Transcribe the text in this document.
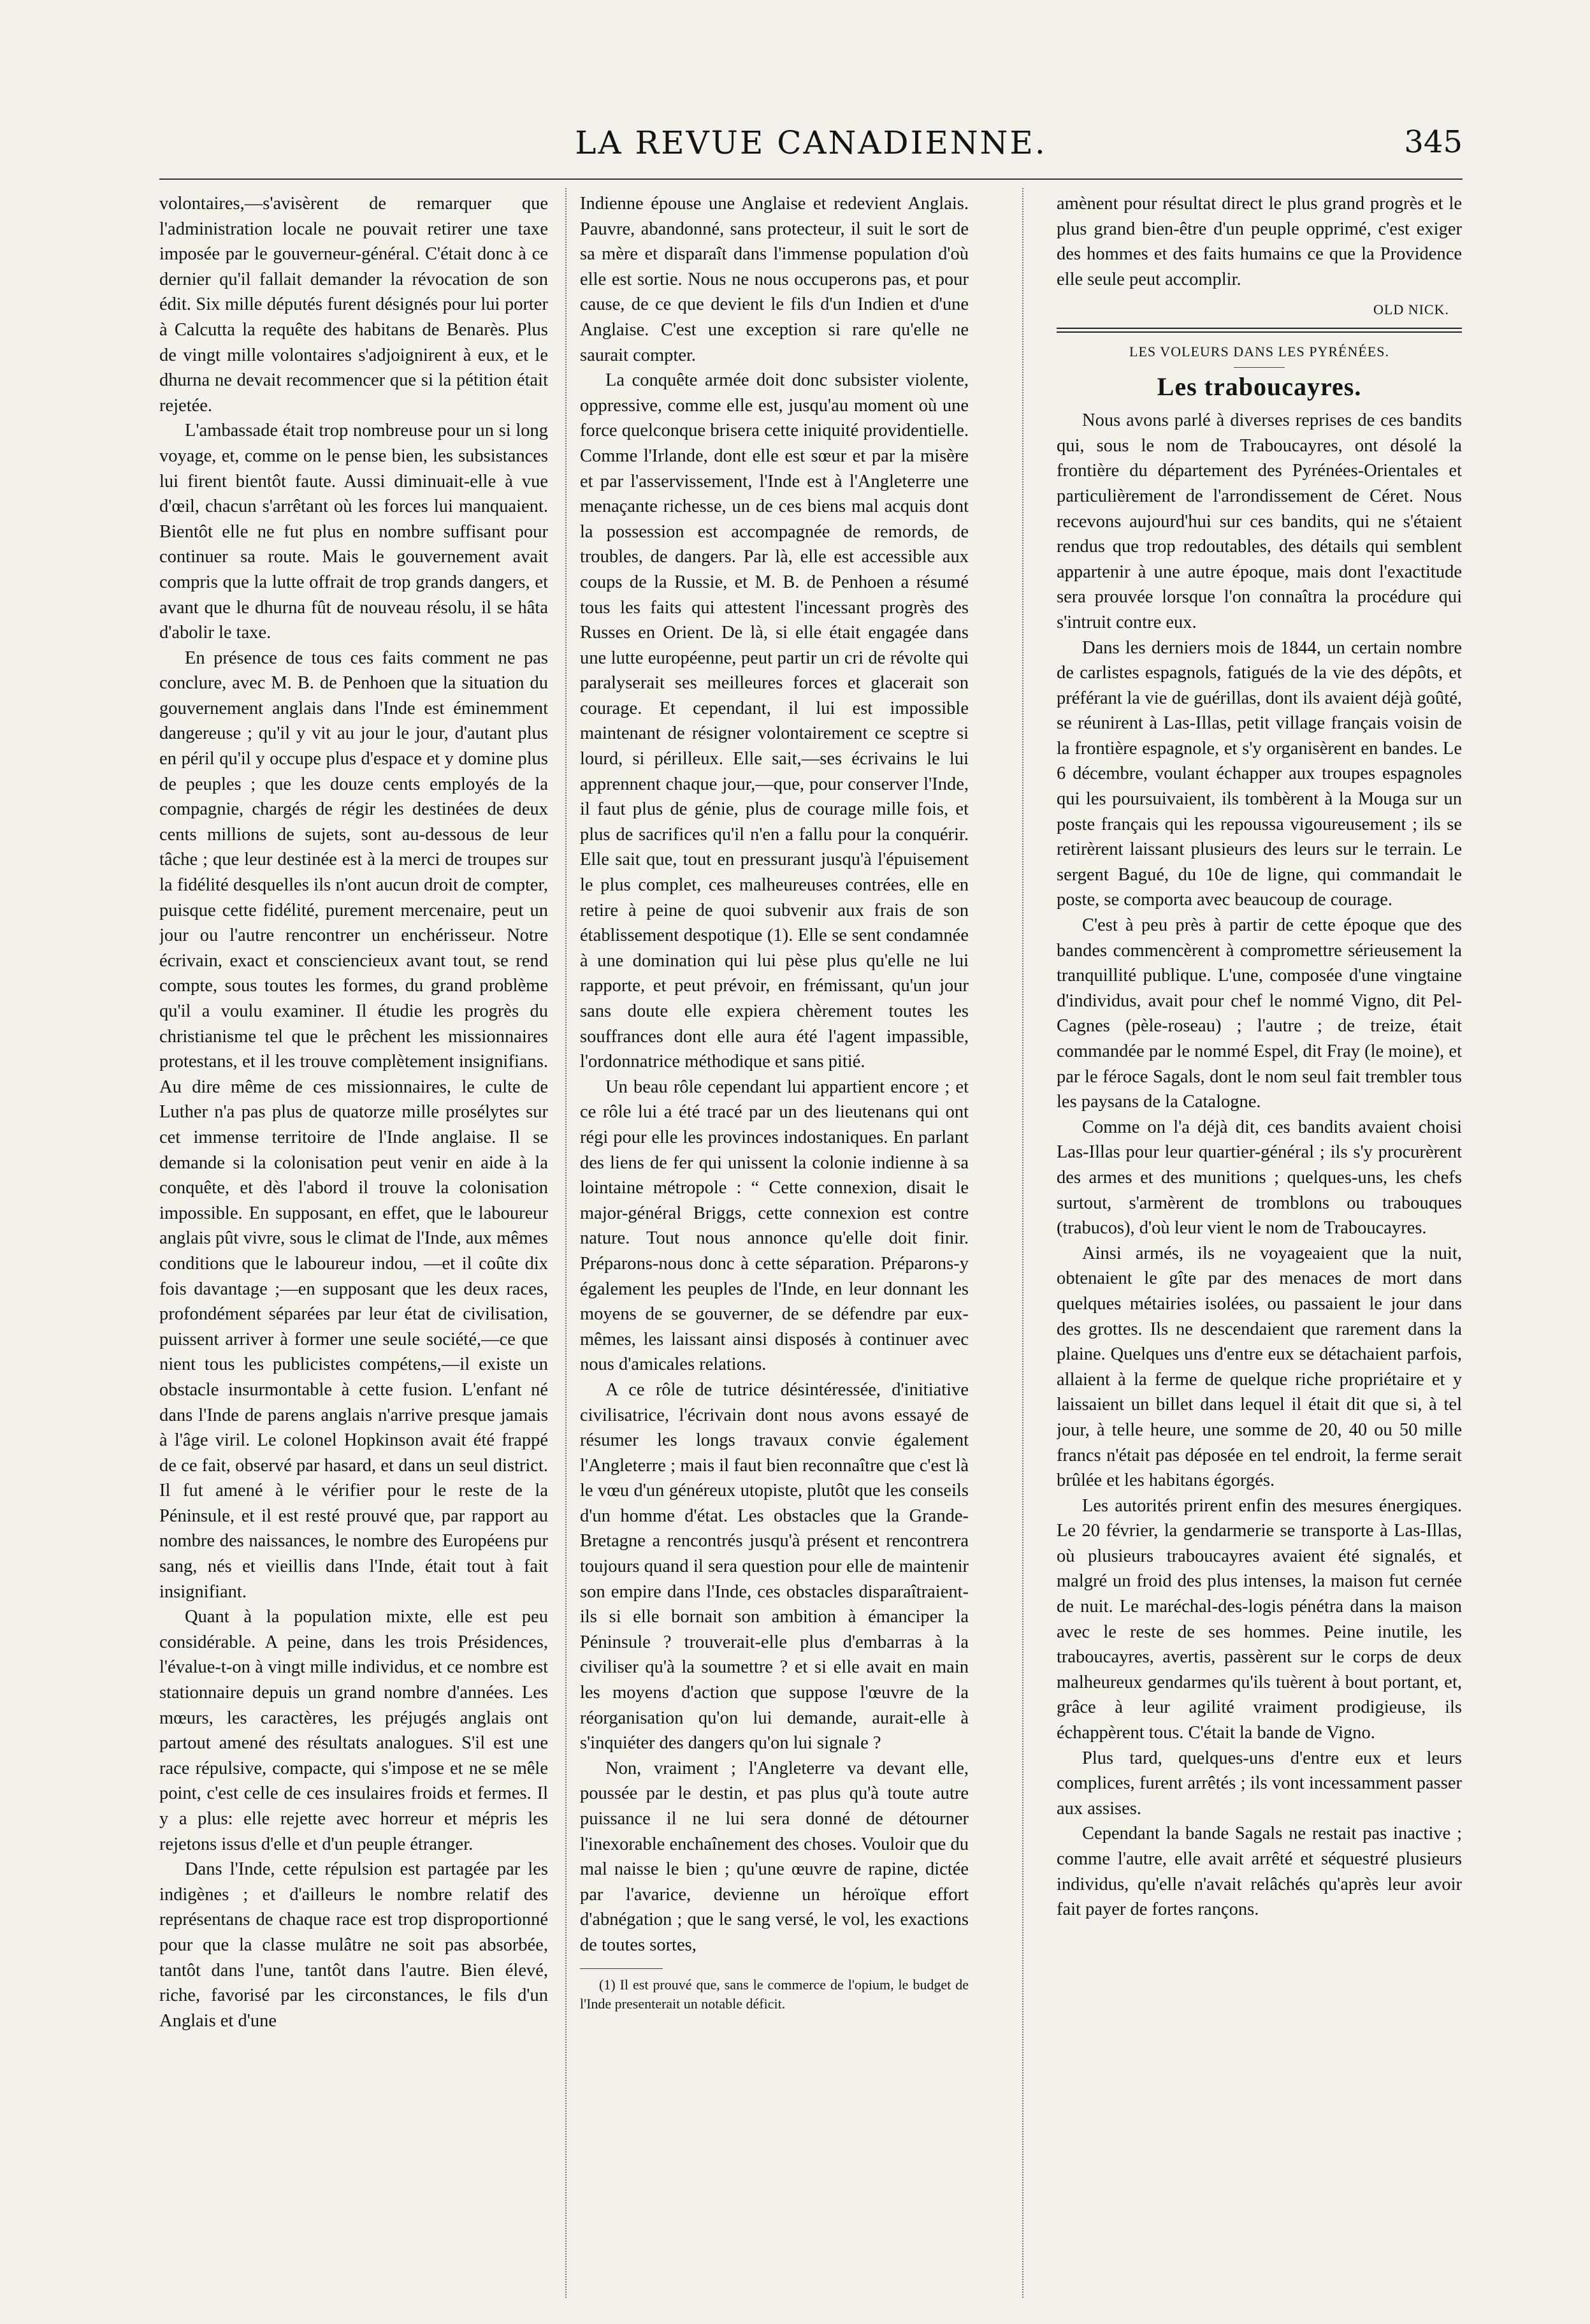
LA REVUE CANADIENNE.	345

volontaires,—s'avisèrent de remarquer que l'administration locale ne pouvait retirer une taxe imposée par le gouverneur-général. C'était donc à ce dernier qu'il fallait demander la révocation de son édit. Six mille députés furent désignés pour lui porter à Calcutta la requête des habitans de Benarès. Plus de vingt mille volontaires s'adjoignirent à eux, et le dhurna ne devait recommencer que si la pétition était rejetée.

L'ambassade était trop nombreuse pour un si long voyage, et, comme on le pense bien, les subsistances lui firent bientôt faute. Aussi diminuait-elle à vue d'œil, chacun s'arrêtant où les forces lui manquaient. Bientôt elle ne fut plus en nombre suffisant pour continuer sa route. Mais le gouvernement avait compris que la lutte offrait de trop grands dangers, et avant que le dhurna fût de nouveau résolu, il se hâta d'abolir le taxe.

En présence de tous ces faits comment ne pas conclure, avec M. B. de Penhoen que la situation du gouvernement anglais dans l'Inde est éminemment dangereuse ; qu'il y vit au jour le jour, d'autant plus en péril qu'il y occupe plus d'espace et y domine plus de peuples ; que les douze cents employés de la compagnie, chargés de régir les destinées de deux cents millions de sujets, sont au-dessous de leur tâche ; que leur destinée est à la merci de troupes sur la fidélité desquelles ils n'ont aucun droit de compter, puisque cette fidélité, purement mercenaire, peut un jour ou l'autre rencontrer un enchérisseur. Notre écrivain, exact et consciencieux avant tout, se rend compte, sous toutes les formes, du grand problème qu'il a voulu examiner. Il étudie les progrès du christianisme tel que le prêchent les missionnaires protestans, et il les trouve complètement insignifians. Au dire même de ces missionnaires, le culte de Luther n'a pas plus de quatorze mille prosélytes sur cet immense territoire de l'Inde anglaise. Il se demande si la colonisation peut venir en aide à la conquête, et dès l'abord il trouve la colonisation impossible. En supposant, en effet, que le laboureur anglais pût vivre, sous le climat de l'Inde, aux mêmes conditions que le laboureur indou, —et il coûte dix fois davantage ;—en supposant que les deux races, profondément séparées par leur état de civilisation, puissent arriver à former une seule société,—ce que nient tous les publicistes compétens,—il existe un obstacle insurmontable à cette fusion. L'enfant né dans l'Inde de parens anglais n'arrive presque jamais à l'âge viril. Le colonel Hopkinson avait été frappé de ce fait, observé par hasard, et dans un seul district. Il fut amené à le vérifier pour le reste de la Péninsule, et il est resté prouvé que, par rapport au nombre des naissances, le nombre des Européens pur sang, nés et vieillis dans l'Inde, était tout à fait insignifiant.

Quant à la population mixte, elle est peu considérable. A peine, dans les trois Présidences, l'évalue-t-on à vingt mille individus, et ce nombre est stationnaire depuis un grand nombre d'années. Les mœurs, les caractères, les préjugés anglais ont partout amené des résultats analogues. S'il est une race répulsive, compacte, qui s'impose et ne se mêle point, c'est celle de ces insulaires froids et fermes. Il y a plus: elle rejette avec horreur et mépris les rejetons issus d'elle et d'un peuple étranger.

Dans l'Inde, cette répulsion est partagée par les indigènes ; et d'ailleurs le nombre relatif des représentans de chaque race est trop disproportionné pour que la classe mulâtre ne soit pas absorbée, tantôt dans l'une, tantôt dans l'autre. Bien élevé, riche, favorisé par les circonstances, le fils d'un Anglais et d'une

Indienne épouse une Anglaise et redevient Anglais. Pauvre, abandonné, sans protecteur, il suit le sort de sa mère et disparaît dans l'immense population d'où elle est sortie. Nous ne nous occuperons pas, et pour cause, de ce que devient le fils d'un Indien et d'une Anglaise. C'est une exception si rare qu'elle ne saurait compter.

La conquête armée doit donc subsister violente, oppressive, comme elle est, jusqu'au moment où une force quelconque brisera cette iniquité providentielle. Comme l'Irlande, dont elle est sœur et par la misère et par l'asservissement, l'Inde est à l'Angleterre une menaçante richesse, un de ces biens mal acquis dont la possession est accompagnée de remords, de troubles, de dangers. Par là, elle est accessible aux coups de la Russie, et M. B. de Penhoen a résumé tous les faits qui attestent l'incessant progrès des Russes en Orient. De là, si elle était engagée dans une lutte européenne, peut partir un cri de révolte qui paralyserait ses meilleures forces et glacerait son courage. Et cependant, il lui est impossible maintenant de résigner volontairement ce sceptre si lourd, si périlleux. Elle sait,—ses écrivains le lui apprennent chaque jour,—que, pour conserver l'Inde, il faut plus de génie, plus de courage mille fois, et plus de sacrifices qu'il n'en a fallu pour la conquérir. Elle sait que, tout en pressurant jusqu'à l'épuisement le plus complet, ces malheureuses contrées, elle en retire à peine de quoi subvenir aux frais de son établissement despotique (1). Elle se sent condamnée à une domination qui lui pèse plus qu'elle ne lui rapporte, et peut prévoir, en frémissant, qu'un jour sans doute elle expiera chèrement toutes les souffrances dont elle aura été l'agent impassible, l'ordonnatrice méthodique et sans pitié.

Un beau rôle cependant lui appartient encore ; et ce rôle lui a été tracé par un des lieutenans qui ont régi pour elle les provinces indostaniques. En parlant des liens de fer qui unissent la colonie indienne à sa lointaine métropole : “ Cette connexion, disait le major-général Briggs, cette connexion est contre nature. Tout nous annonce qu'elle doit finir. Préparons-nous donc à cette séparation. Préparons-y également les peuples de l'Inde, en leur donnant les moyens de se gouverner, de se défendre par eux-mêmes, les laissant ainsi disposés à continuer avec nous d'amicales relations.

A ce rôle de tutrice désintéressée, d'initiative civilisatrice, l'écrivain dont nous avons essayé de résumer les longs travaux convie également l'Angleterre ; mais il faut bien reconnaître que c'est là le vœu d'un généreux utopiste, plutôt que les conseils d'un homme d'état. Les obstacles que la Grande-Bretagne a rencontrés jusqu'à présent et rencontrera toujours quand il sera question pour elle de maintenir son empire dans l'Inde, ces obstacles disparaîtraient-ils si elle bornait son ambition à émanciper la Péninsule ? trouverait-elle plus d'embarras à la civiliser qu'à la soumettre ? et si elle avait en main les moyens d'action que suppose l'œuvre de la réorganisation qu'on lui demande, aurait-elle à s'inquiéter des dangers qu'on lui signale ?

Non, vraiment ; l'Angleterre va devant elle, poussée par le destin, et pas plus qu'à toute autre puissance il ne lui sera donné de détourner l'inexorable enchaînement des choses. Vouloir que du mal naisse le bien ; qu'une œuvre de rapine, dictée par l'avarice, devienne un héroïque effort d'abnégation ; que le sang versé, le vol, les exactions de toutes sortes,

(1) Il est prouvé que, sans le commerce de l'opium, le budget de l'Inde presenterait un notable déficit.

amènent pour résultat direct le plus grand progrès et le plus grand bien-être d'un peuple opprimé, c'est exiger des hommes et des faits humains ce que la Providence elle seule peut accomplir.

OLD NICK.
LES VOLEURS DANS LES PYRÉNÉES.
Les traboucayres.

Nous avons parlé à diverses reprises de ces bandits qui, sous le nom de Traboucayres, ont désolé la frontière du département des Pyrénées-Orientales et particulièrement de l'arrondissement de Céret. Nous recevons aujourd'hui sur ces bandits, qui ne s'étaient rendus que trop redoutables, des détails qui semblent appartenir à une autre époque, mais dont l'exactitude sera prouvée lorsque l'on connaîtra la procédure qui s'intruit contre eux.

Dans les derniers mois de 1844, un certain nombre de carlistes espagnols, fatigués de la vie des dépôts, et préférant la vie de guérillas, dont ils avaient déjà goûté, se réunirent à Las-Illas, petit village français voisin de la frontière espagnole, et s'y organisèrent en bandes. Le 6 décembre, voulant échapper aux troupes espagnoles qui les poursuivaient, ils tombèrent à la Mouga sur un poste français qui les repoussa vigoureusement ; ils se retirèrent laissant plusieurs des leurs sur le terrain. Le sergent Bagué, du 10e de ligne, qui commandait le poste, se comporta avec beaucoup de courage.

C'est à peu près à partir de cette époque que des bandes commencèrent à compromettre sérieusement la tranquillité publique. L'une, composée d'une vingtaine d'individus, avait pour chef le nommé Vigno, dit Pel-Cagnes (pèle-roseau) ; l'autre ; de treize, était commandée par le nommé Espel, dit Fray (le moine), et par le féroce Sagals, dont le nom seul fait trembler tous les paysans de la Catalogne.

Comme on l'a déjà dit, ces bandits avaient choisi Las-Illas pour leur quartier-général ; ils s'y procurèrent des armes et des munitions ; quelques-uns, les chefs surtout, s'armèrent de tromblons ou trabouques (trabucos), d'où leur vient le nom de Traboucayres.

Ainsi armés, ils ne voyageaient que la nuit, obtenaient le gîte par des menaces de mort dans quelques métairies isolées, ou passaient le jour dans des grottes. Ils ne descendaient que rarement dans la plaine. Quelques uns d'entre eux se détachaient parfois, allaient à la ferme de quelque riche propriétaire et y laissaient un billet dans lequel il était dit que si, à tel jour, à telle heure, une somme de 20, 40 ou 50 mille francs n'était pas déposée en tel endroit, la ferme serait brûlée et les habitans égorgés.

Les autorités prirent enfin des mesures énergiques. Le 20 février, la gendarmerie se transporte à Las-Illas, où plusieurs traboucayres avaient été signalés, et malgré un froid des plus intenses, la maison fut cernée de nuit. Le maréchal-des-logis pénétra dans la maison avec le reste de ses hommes. Peine inutile, les traboucayres, avertis, passèrent sur le corps de deux malheureux gendarmes qu'ils tuèrent à bout portant, et, grâce à leur agilité vraiment prodigieuse, ils échappèrent tous. C'était la bande de Vigno.

Plus tard, quelques-uns d'entre eux et leurs complices, furent arrêtés ; ils vont incessamment passer aux assises.

Cependant la bande Sagals ne restait pas inactive ; comme l'autre, elle avait arrêté et séquestré plusieurs individus, qu'elle n'avait relâchés qu'après leur avoir fait payer de fortes rançons.
